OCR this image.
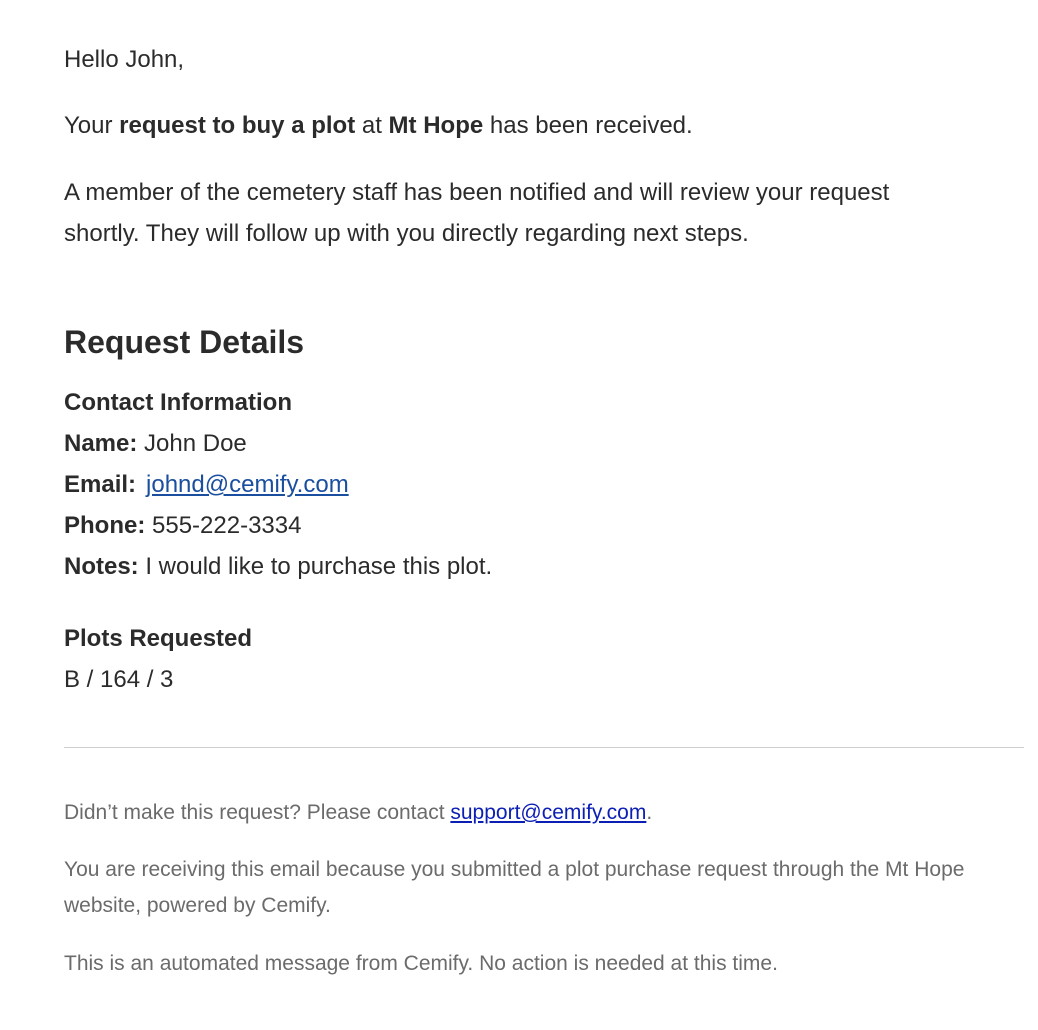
Hello John,

Your request to buy a plot at Mt Hope has been received.

A member of the cemetery staff has been notified and will review your request shortly. They will follow up with you directly regarding next steps.

Request Details
Contact Information
Name: John Doe
Email: johnd@cemify.com
Phone: 555-222-3334
Notes: I would like to purchase this plot.

Plots Requested

B / 164 / 3

Didn’t make this request? Please contact support@cemify.com.

You are receiving this email because you submitted a plot purchase request through the Mt Hope website, powered by Cemify.

This is an automated message from Cemify. No action is needed at this time.
